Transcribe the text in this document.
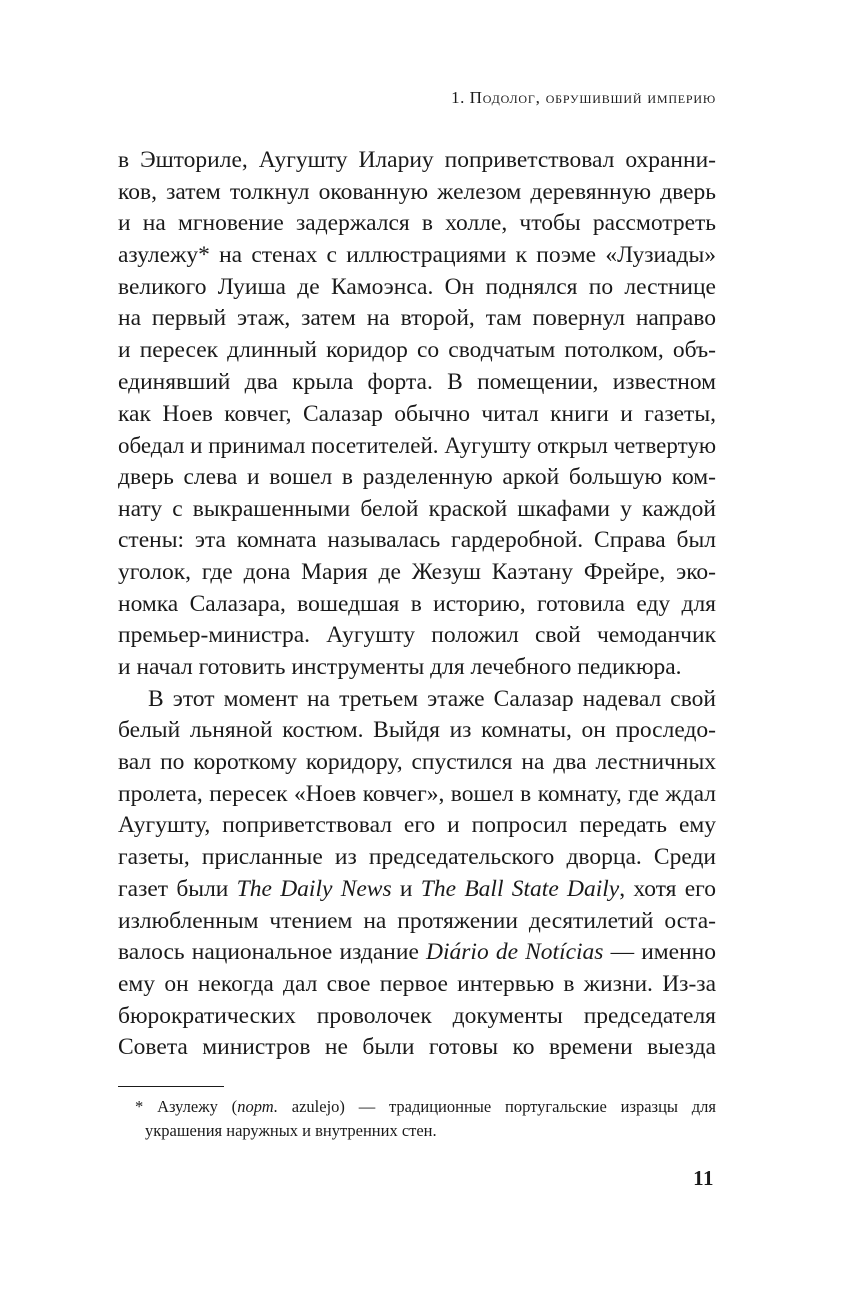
1. Подолог, обрушивший империю
в Эшториле, Аугушту Илариу поприветствовал охранни-
ков, затем толкнул окованную железом деревянную дверь
и на мгновение задержался в холле, чтобы рассмотреть
азулежу* на стенах с иллюстрациями к поэме «Лузиады»
великого Луиша де Камоэнса. Он поднялся по лестнице
на первый этаж, затем на второй, там повернул направо
и пересек длинный коридор со сводчатым потолком, объ-
единявший два крыла форта. В помещении, известном
как Ноев ковчег, Салазар обычно читал книги и газеты,
обедал и принимал посетителей. Аугушту открыл четвертую
дверь слева и вошел в разделенную аркой большую ком-
нату с выкрашенными белой краской шкафами у каждой
стены: эта комната называлась гардеробной. Справа был
уголок, где дона Мария де Жезуш Каэтану Фрейре, эко-
номка Салазара, вошедшая в историю, готовила еду для
премьер-министра. Аугушту положил свой чемоданчик
и начал готовить инструменты для лечебного педикюра.
В этот момент на третьем этаже Салазар надевал свой
белый льняной костюм. Выйдя из комнаты, он проследо-
вал по короткому коридору, спустился на два лестничных
пролета, пересек «Ноев ковчег», вошел в комнату, где ждал
Аугушту, поприветствовал его и попросил передать ему
газеты, присланные из председательского дворца. Среди
газет были The Daily News и The Ball State Daily, хотя его
излюбленным чтением на протяжении десятилетий оста-
валось национальное издание Diário de Notícias — именно
ему он некогда дал свое первое интервью в жизни. Из-за
бюрократических проволочек документы председателя
Совета министров не были готовы ко времени выезда
* Азулежу (порт. azulejo) — традиционные португальские изразцы для
украшения наружных и внутренних стен.
11
